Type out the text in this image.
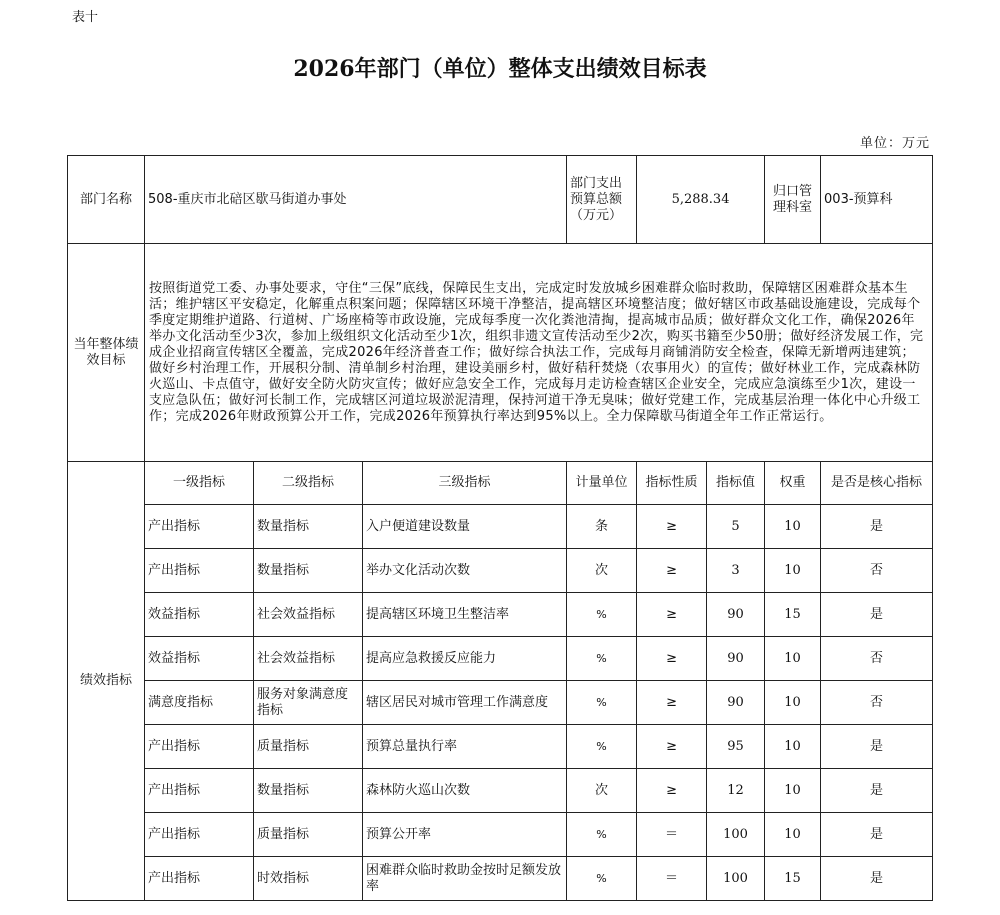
表十
2026年部门（单位）整体支出绩效目标表
单位：万元
部门名称	508-重庆市北碚区歇马街道办事处			部门支出预算总额（万元）	5,288.34		归口管理科室	003-预算科
当年整体绩效目标	按照街道党工委、办事处要求，守住“三保”底线，保障民生支出，完成定时发放城乡困难群众临时救助，保障辖区困难群众基本生活；维护辖区平安稳定，化解重点积案问题；保障辖区环境干净整洁，提高辖区环境整洁度；做好辖区市政基础设施建设，完成每个季度定期维护道路、行道树、广场座椅等市政设施，完成每季度一次化粪池清掏，提高城市品质；做好群众文化工作，确保2026年举办文化活动至少3次，参加上级组织文化活动至少1次，组织非遗文宣传活动至少2次，购买书籍至少50册；做好经济发展工作，完成企业招商宣传辖区全覆盖，完成2026年经济普查工作；做好综合执法工作，完成每月商铺消防安全检查，保障无新增两违建筑；做好乡村治理工作，开展积分制、清单制乡村治理，建设美丽乡村，做好秸秆焚烧（农事用火）的宣传；做好林业工作，完成森林防火巡山、卡点值守，做好安全防火防灾宣传；做好应急安全工作，完成每月走访检查辖区企业安全，完成应急演练至少1次，建设一支应急队伍；做好河长制工作，完成辖区河道垃圾淤泥清理，保持河道干净无臭味；做好党建工作，完成基层治理一体化中心升级工作；完成2026年财政预算公开工作，完成2026年预算执行率达到95%以上。全力保障歇马街道全年工作正常运行。							
绩效指标	一级指标	二级指标	三级指标	计量单位	指标性质	指标值	权重	是否是核心指标
	产出指标	数量指标	入户便道建设数量	条	≥	5	10	是
	产出指标	数量指标	举办文化活动次数	次	≥	3	10	否
	效益指标	社会效益指标	提高辖区环境卫生整洁率	%	≥	90	15	是
	效益指标	社会效益指标	提高应急救援反应能力	%	≥	90	10	否
	满意度指标	服务对象满意度指标	辖区居民对城市管理工作满意度	%	≥	90	10	否
	产出指标	质量指标	预算总量执行率	%	≥	95	10	是
	产出指标	数量指标	森林防火巡山次数	次	≥	12	10	是
	产出指标	质量指标	预算公开率	%	＝	100	10	是
	产出指标	时效指标	困难群众临时救助金按时足额发放率	%	＝	100	15	是
